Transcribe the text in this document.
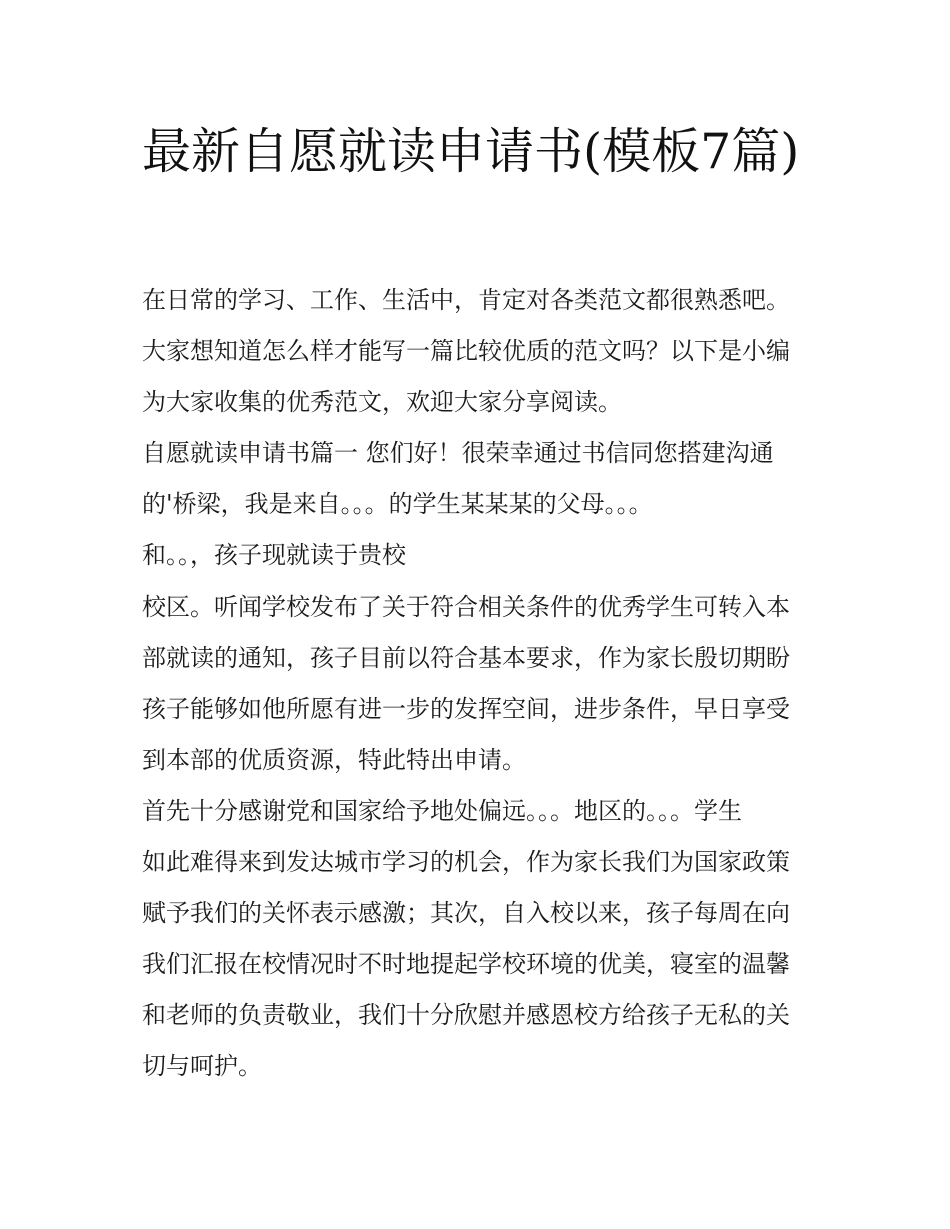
最新自愿就读申请书(模板7篇)
在日常的学习、工作、生活中，肯定对各类范文都很熟悉吧。
大家想知道怎么样才能写一篇比较优质的范文吗？以下是小编
为大家收集的优秀范文，欢迎大家分享阅读。
自愿就读申请书篇一 您们好！很荣幸通过书信同您搭建沟通
的'桥梁，我是来自。。。的学生某某某的父母。。。
和。。，孩子现就读于贵校
校区。听闻学校发布了关于符合相关条件的优秀学生可转入本
部就读的通知，孩子目前以符合基本要求，作为家长殷切期盼
孩子能够如他所愿有进一步的发挥空间，进步条件，早日享受
到本部的优质资源，特此特出申请。
首先十分感谢党和国家给予地处偏远。。。地区的。。。学生
如此难得来到发达城市学习的机会，作为家长我们为国家政策
赋予我们的关怀表示感激；其次，自入校以来，孩子每周在向
我们汇报在校情况时不时地提起学校环境的优美，寝室的温馨
和老师的负责敬业，我们十分欣慰并感恩校方给孩子无私的关
切与呵护。
